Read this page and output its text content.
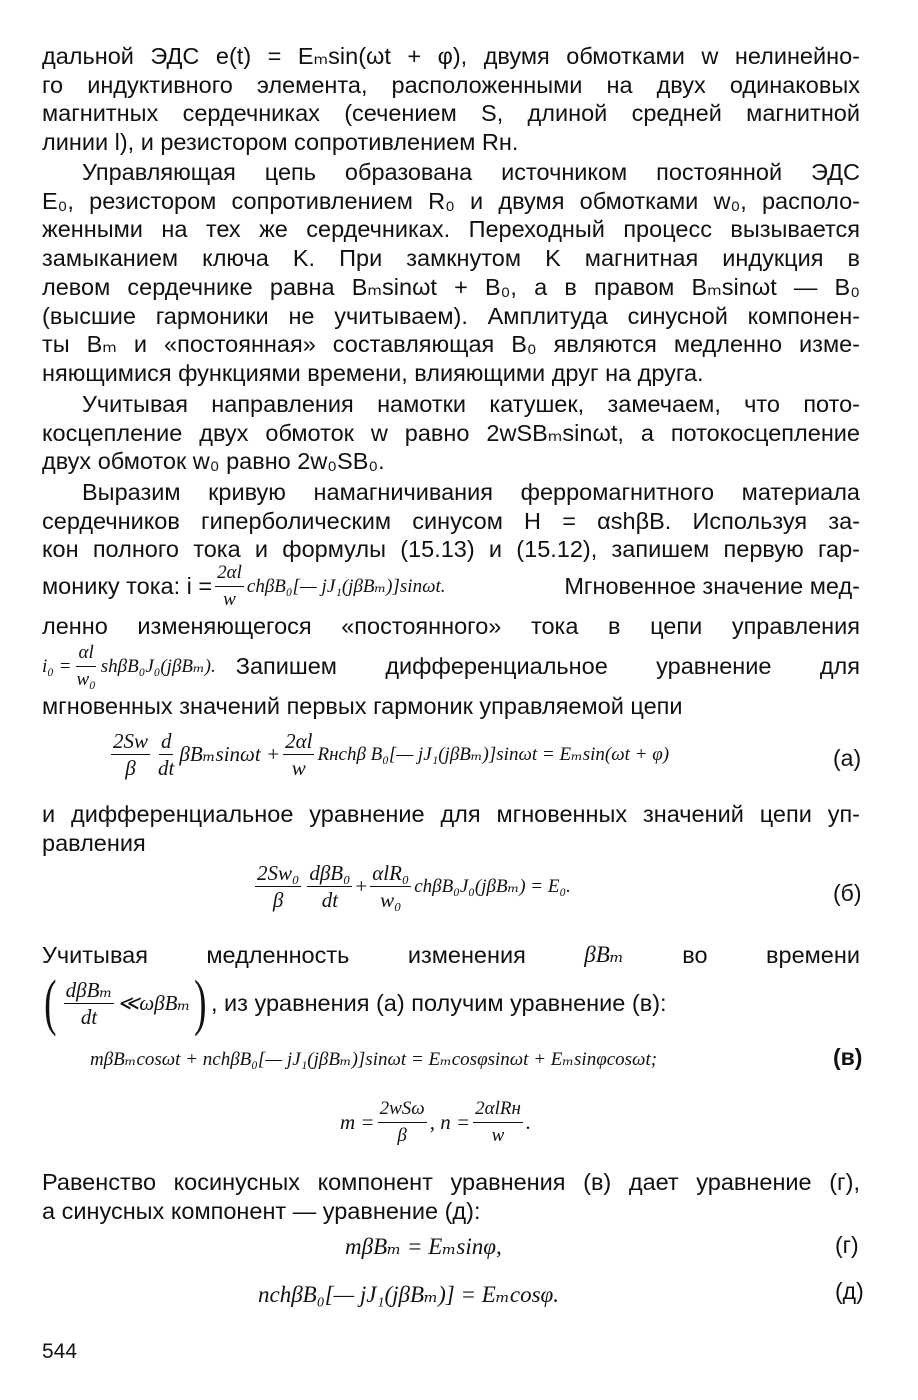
дальной ЭДС e(t) = Eₘsin(ωt + φ), двумя обмотками w нелинейно-
го индуктивного элемента, расположенными на двух одинаковых
магнитных сердечниках (сечением S, длиной средней магнитной
линии l), и резистором сопротивлением Rн.
Управляющая цепь образована источником постоянной ЭДС
E₀, резистором сопротивлением R₀ и двумя обмотками w₀, располо-
женными на тех же сердечниках. Переходный процесс вызывается
замыканием ключа K. При замкнутом K магнитная индукция в
левом сердечнике равна Bₘsinωt + B₀, а в правом Bₘsinωt — B₀
(высшие гармоники не учитываем). Амплитуда синусной компонен-
ты Bₘ и «постоянная» составляющая B₀ являются медленно изме-
няющимися функциями времени, влияющими друг на друга.
Учитывая направления намотки катушек, замечаем, что пото-
косцепление двух обмоток w равно 2wSBₘsinωt, а потокосцепление
двух обмоток w₀ равно 2w₀SB₀.
Выразим кривую намагничивания ферромагнитного материала
сердечников гиперболическим синусом H = αshβB. Используя за-
кон полного тока и формулы (15.13) и (15.12), запишем первую гар-
монику тока: $i = \frac{2\alpha l}{w}$ chβB₀[— jJ₁(jβBₘ)]sinωt.	Мгновенное значение мед-
ленно изменяющегося «постоянного» тока в цепи управления
$i_0 = \frac{\alpha l}{\text{w₀}} sh\beta B_0J_0(j\beta B_m)$. Запишем дифференциальное уравнение для
мгновенных значений первых гармоник управляемой цепи
$\frac{2Sw}{\beta} \frac{d}{dt}$ $\beta B_m\sin\omega t + \frac{2\alpha l}{w}$ Rнchβ B₀[— jJ₁(jβBₘ)]sinωt = Eₘsin(ωt + φ)	(а)
и дифференциальное уравнение для мгновенных значений цепи уп-
равления
$\frac{\text{2Sw₀}}{\beta} \frac{\text{dβB₀}}{dt} + \frac{\text{αlR₀}}{\text{w₀}} ch\beta B_0J_0(j\beta B_m) = E_0$.	(б)
Учитывая медленность изменения	βBₘ во времени
( $\frac{\text{dβBₘ}}{dt}$ ≪ωβBₘ ) , из уравнения (а) получим уравнение (в):
mβBₘcosωt + nchβB₀[— jJ₁(jβBₘ)]sinωt = Eₘcosφsinωt + Eₘsinφcosωt;	(в)
$m = \frac{\text{2wSω}}{\beta}$ , $n = \frac{\text{2αlRн}}{w}$ .
Равенство косинусных компонент уравнения (в) дает уравнение (г),
а синусных компонент — уравнение (д):
mβBₘ = Eₘsinφ,	(г)
nchβB₀[— jJ₁(jβBₘ)] = Eₘcosφ.	(д)
544
